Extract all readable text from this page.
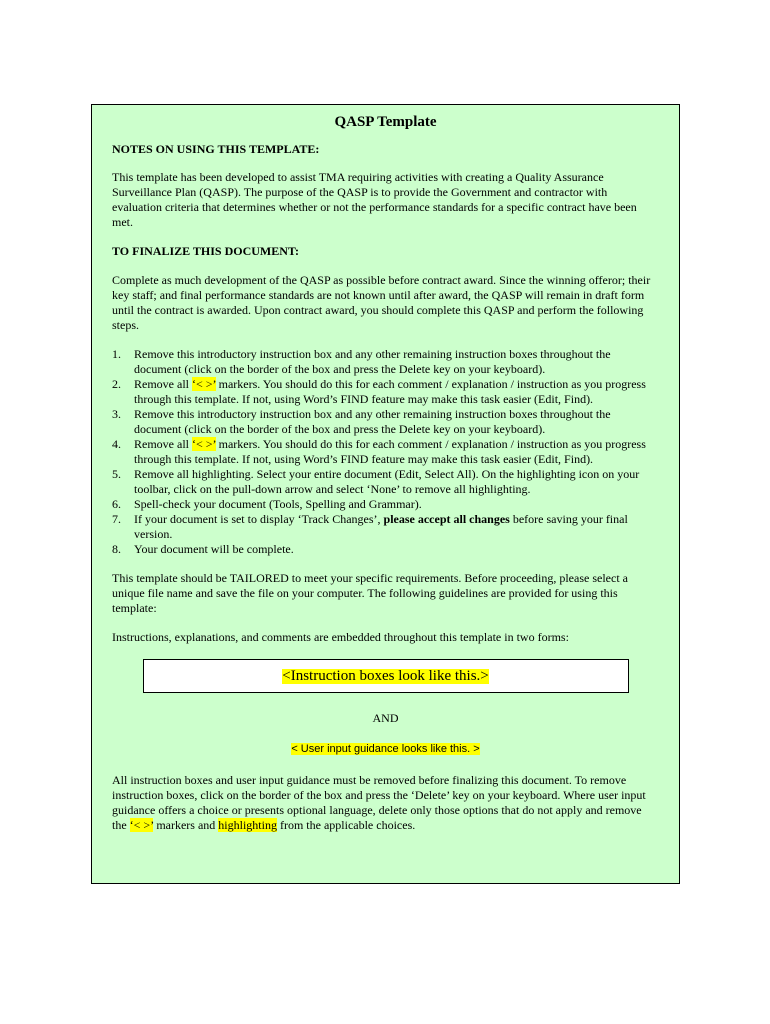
QASP Template

NOTES ON USING THIS TEMPLATE:

This template has been developed to assist TMA requiring activities with creating a Quality Assurance Surveillance Plan (QASP). The purpose of the QASP is to provide the Government and contractor with evaluation criteria that determines whether or not the performance standards for a specific contract have been met.

TO FINALIZE THIS DOCUMENT:

Complete as much development of the QASP as possible before contract award. Since the winning offeror; their key staff; and final performance standards are not known until after award, the QASP will remain in draft form until the contract is awarded. Upon contract award, you should complete this QASP and perform the following steps.

1. Remove this introductory instruction box and any other remaining instruction boxes throughout the document (click on the border of the box and press the Delete key on your keyboard).
2. Remove all ‘< >’ markers. You should do this for each comment / explanation / instruction as you progress through this template. If not, using Word’s FIND feature may make this task easier (Edit, Find).
3. Remove this introductory instruction box and any other remaining instruction boxes throughout the document (click on the border of the box and press the Delete key on your keyboard).
4. Remove all ‘< >’ markers. You should do this for each comment / explanation / instruction as you progress through this template. If not, using Word’s FIND feature may make this task easier (Edit, Find).
5. Remove all highlighting. Select your entire document (Edit, Select All). On the highlighting icon on your toolbar, click on the pull-down arrow and select ‘None’ to remove all highlighting.
6. Spell-check your document (Tools, Spelling and Grammar).
7. If your document is set to display ‘Track Changes’, please accept all changes before saving your final version.
8. Your document will be complete.

This template should be TAILORED to meet your specific requirements. Before proceeding, please select a unique file name and save the file on your computer. The following guidelines are provided for using this template:

Instructions, explanations, and comments are embedded throughout this template in two forms:

<Instruction boxes look like this.>
AND
< User input guidance looks like this. >

All instruction boxes and user input guidance must be removed before finalizing this document. To remove instruction boxes, click on the border of the box and press the ‘Delete’ key on your keyboard. Where user input guidance offers a choice or presents optional language, delete only those options that do not apply and remove the ‘< >’ markers and highlighting from the applicable choices.
